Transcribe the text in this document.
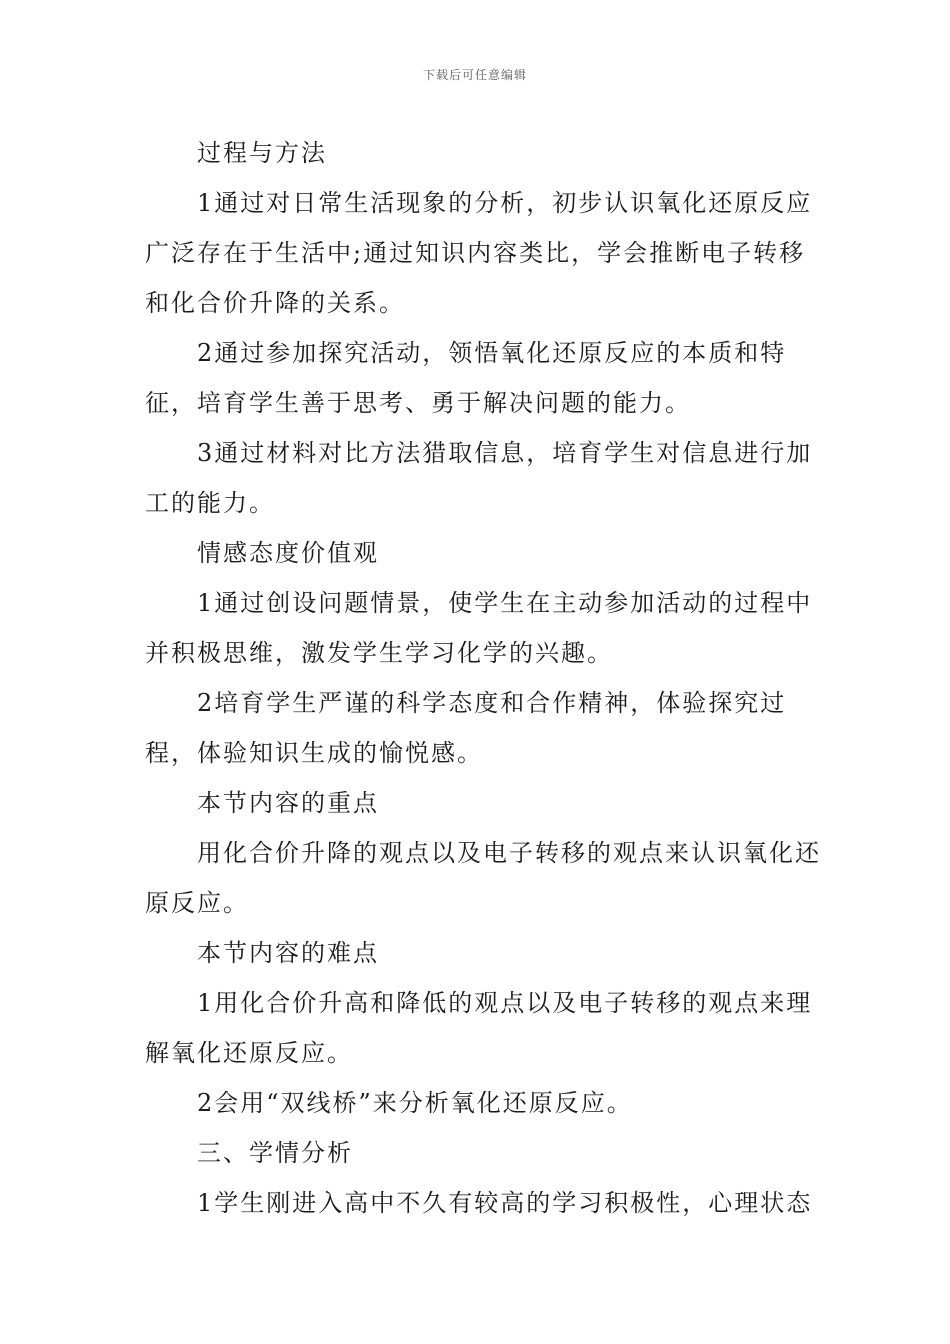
下载后可任意编辑

过程与方法

1通过对日常生活现象的分析，初步认识氧化还原反应广泛存在于生活中;通过知识内容类比，学会推断电子转移和化合价升降的关系。

2通过参加探究活动，领悟氧化还原反应的本质和特征，培育学生善于思考、勇于解决问题的能力。

3通过材料对比方法猎取信息，培育学生对信息进行加工的能力。

情感态度价值观

1通过创设问题情景，使学生在主动参加活动的过程中并积极思维，激发学生学习化学的兴趣。

2培育学生严谨的科学态度和合作精神，体验探究过程，体验知识生成的愉悦感。

本节内容的重点

用化合价升降的观点以及电子转移的观点来认识氧化还原反应。

本节内容的难点

1用化合价升高和降低的观点以及电子转移的观点来理解氧化还原反应。

2会用“双线桥”来分析氧化还原反应。

三、学情分析

1学生刚进入高中不久有较高的学习积极性，心理状态
